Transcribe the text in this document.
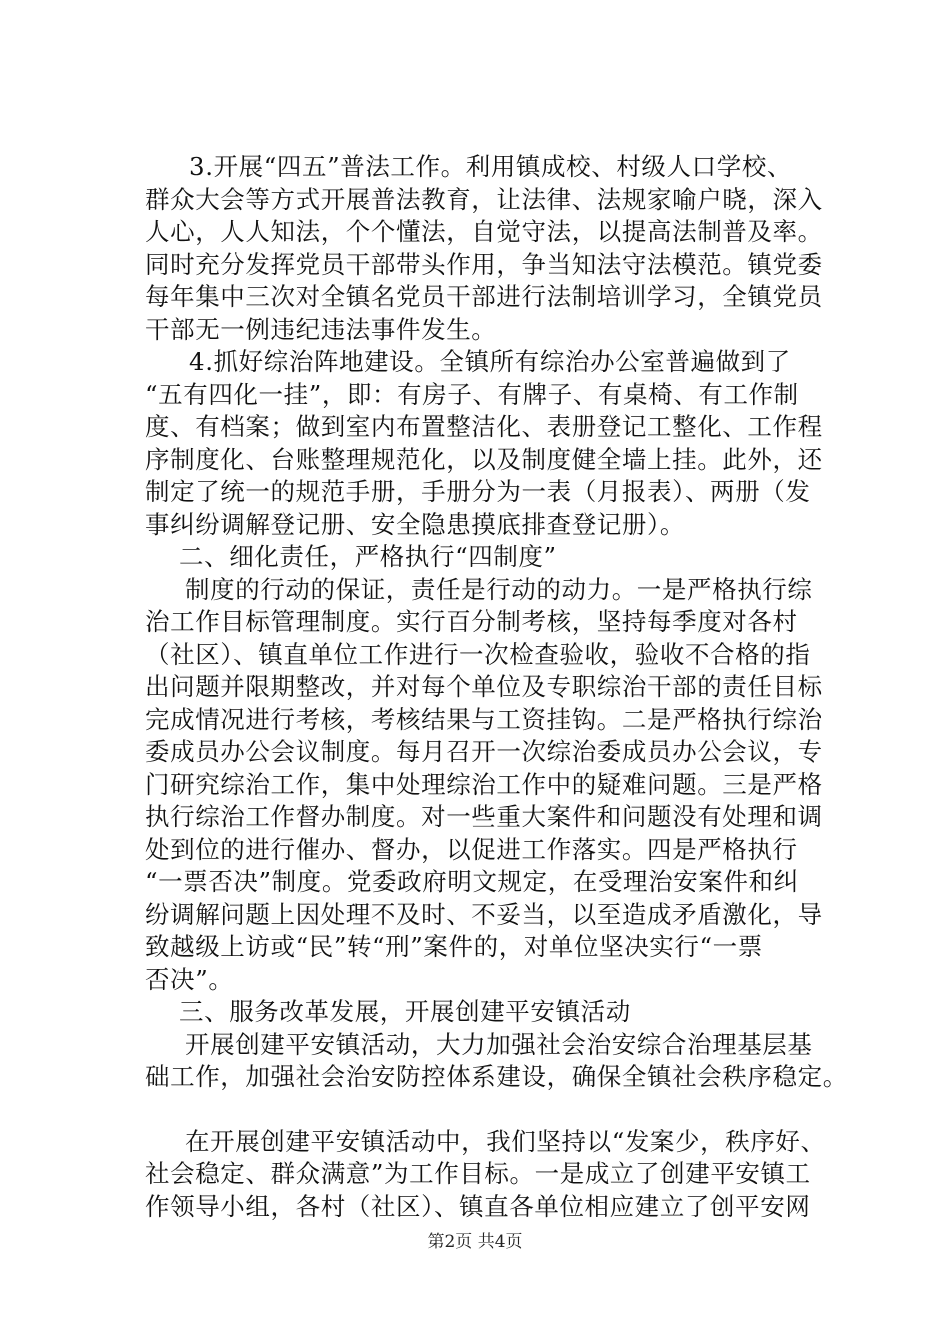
3.开展“四五”普法工作。利用镇成校、村级人口学校、
群众大会等方式开展普法教育，让法律、法规家喻户晓，深入
人心，人人知法，个个懂法，自觉守法，以提高法制普及率。
同时充分发挥党员干部带头作用，争当知法守法模范。镇党委
每年集中三次对全镇名党员干部进行法制培训学习，全镇党员
干部无一例违纪违法事件发生。
4.抓好综治阵地建设。全镇所有综治办公室普遍做到了
“五有四化一挂”，即：有房子、有牌子、有桌椅、有工作制
度、有档案；做到室内布置整洁化、表册登记工整化、工作程
序制度化、台账整理规范化，以及制度健全墙上挂。此外，还
制定了统一的规范手册，手册分为一表（月报表）、两册（发
事纠纷调解登记册、安全隐患摸底排查登记册）。
二、细化责任，严格执行“四制度”
制度的行动的保证，责任是行动的动力。一是严格执行综
治工作目标管理制度。实行百分制考核，坚持每季度对各村
（社区）、镇直单位工作进行一次检查验收，验收不合格的指
出问题并限期整改，并对每个单位及专职综治干部的责任目标
完成情况进行考核，考核结果与工资挂钩。二是严格执行综治
委成员办公会议制度。每月召开一次综治委成员办公会议，专
门研究综治工作，集中处理综治工作中的疑难问题。三是严格
执行综治工作督办制度。对一些重大案件和问题没有处理和调
处到位的进行催办、督办，以促进工作落实。四是严格执行
“一票否决”制度。党委政府明文规定，在受理治安案件和纠
纷调解问题上因处理不及时、不妥当，以至造成矛盾激化，导
致越级上访或“民”转“刑”案件的，对单位坚决实行“一票
否决”。
三、服务改革发展，开展创建平安镇活动
开展创建平安镇活动，大力加强社会治安综合治理基层基
础工作，加强社会治安防控体系建设，确保全镇社会秩序稳定。
在开展创建平安镇活动中，我们坚持以“发案少，秩序好、
社会稳定、群众满意”为工作目标。一是成立了创建平安镇工
作领导小组，各村（社区）、镇直各单位相应建立了创平安网
第2页 共4页
